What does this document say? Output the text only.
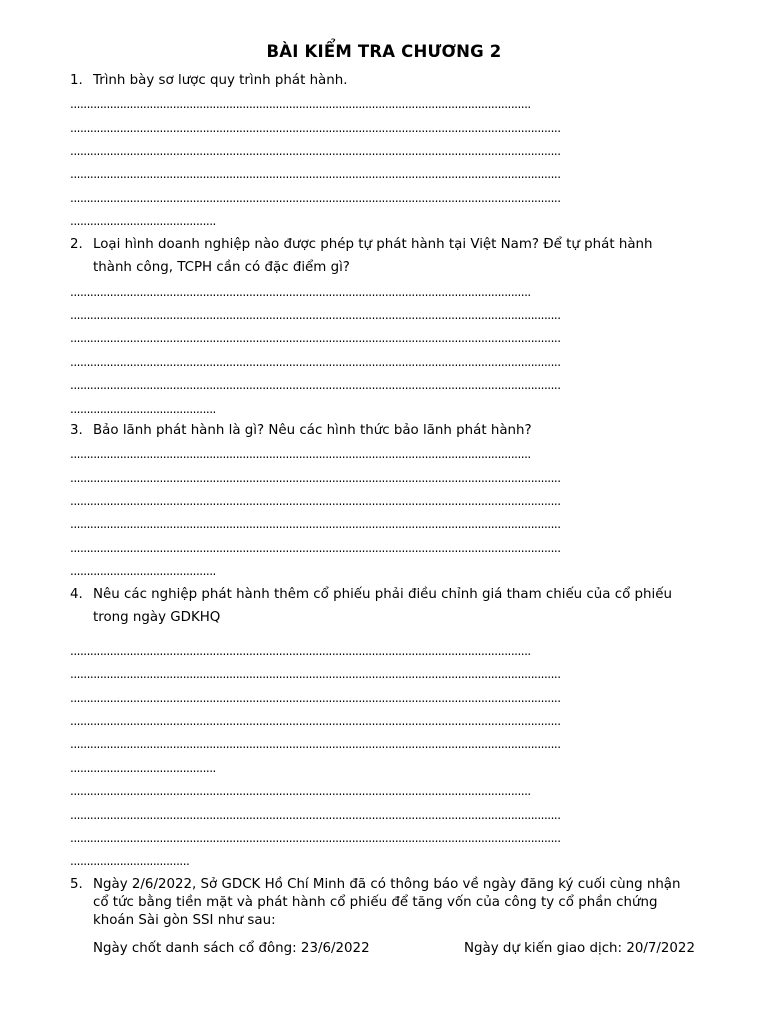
BÀI KIỂM TRA CHƯƠNG 2
1. Trình bày sơ lược quy trình phát hành.
...........................................................................................................................................
....................................................................................................................................................
....................................................................................................................................................
....................................................................................................................................................
....................................................................................................................................................
............................................
2. Loại hình doanh nghiệp nào được phép tự phát hành tại Việt Nam? Để tự phát hành
thành công, TCPH cần có đặc điểm gì?
...........................................................................................................................................
....................................................................................................................................................
....................................................................................................................................................
....................................................................................................................................................
....................................................................................................................................................
............................................
3. Bảo lãnh phát hành là gì? Nêu các hình thức bảo lãnh phát hành?
...........................................................................................................................................
....................................................................................................................................................
....................................................................................................................................................
....................................................................................................................................................
....................................................................................................................................................
............................................
4. Nêu các nghiệp phát hành thêm cổ phiếu phải điều chỉnh giá tham chiếu của cổ phiếu
trong ngày GDKHQ
...........................................................................................................................................
....................................................................................................................................................
....................................................................................................................................................
....................................................................................................................................................
....................................................................................................................................................
............................................
...........................................................................................................................................
....................................................................................................................................................
....................................................................................................................................................
....................................
5. Ngày 2/6/2022, Sở GDCK Hồ Chí Minh đã có thông báo về ngày đăng ký cuối cùng nhận
cổ tức bằng tiền mặt và phát hành cổ phiếu để tăng vốn của công ty cổ phần chứng
khoán Sài gòn SSI như sau:
Ngày chốt danh sách cổ đông: 23/6/2022	Ngày dự kiến giao dịch: 20/7/2022
